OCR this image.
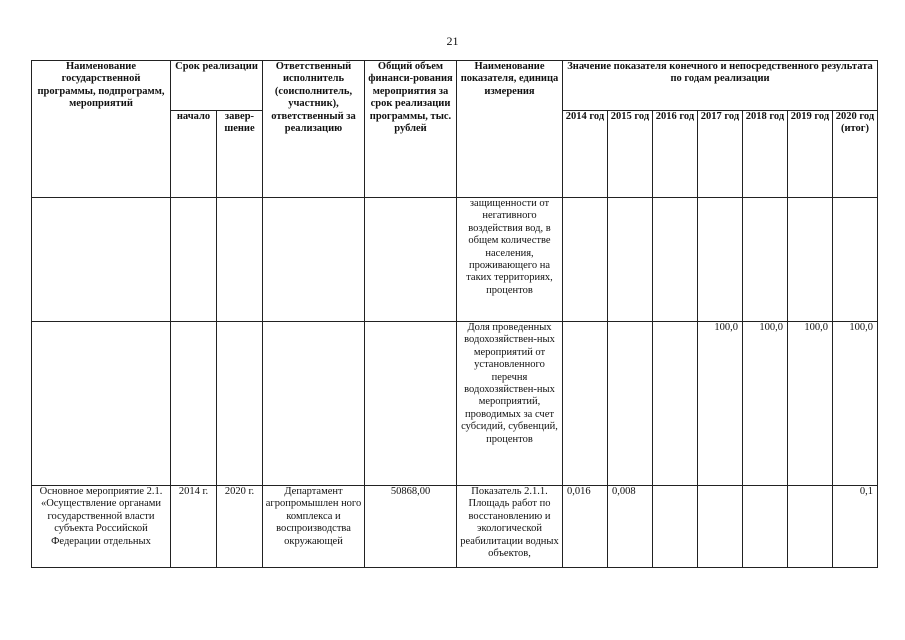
21
Наименование государственной программы, подпрограмм, мероприятий	Срок реализации		Ответственный исполнитель (соисполнитель, участник), ответственный за реализацию	Общий объем финанси-рования мероприятия за срок реализации программы, тыс. рублей	Наименование показателя, единица измерения	Значение показателя конечного и непосредственного результата по годам реализации						
	начало	завер-шение				2014 год	2015 год	2016 год	2017 год	2018 год	2019 год	2020 год (итог)
					защищенности от негативного воздействия вод, в общем количестве населения, проживающего на таких территориях, процентов							
					Доля проведенных водохозяйствен-ных мероприятий от установленного перечня водохозяйствен-ных мероприятий, проводимых за счет субсидий, субвенций, процентов				100,0	100,0	100,0	100,0
Основное мероприятие 2.1. «Осуществление органами государственной власти субъекта Российской Федерации отдельных	2014 г.	2020 г.	Департамент агропромышлен ного комплекса и воспроизводства окружающей	50868,00	Показатель 2.1.1. Площадь работ по восстановлению и экологической реабилитации водных объектов,	0,016	0,008					0,1
